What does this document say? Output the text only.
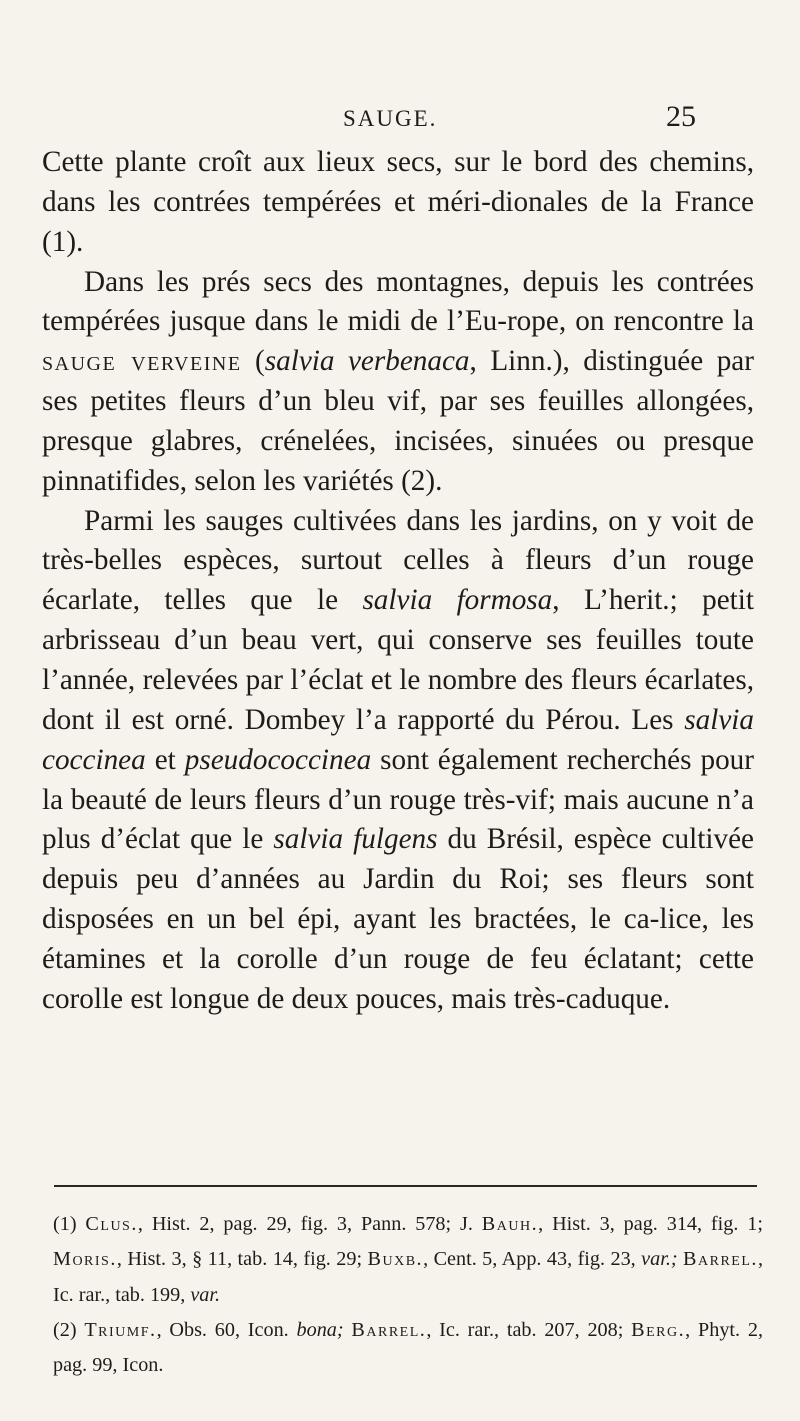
SAUGE.	25

Cette plante croît aux lieux secs, sur le bord des chemins, dans les contrées tempérées et méri-dionales de la France (1).

Dans les prés secs des montagnes, depuis les contrées tempérées jusque dans le midi de l’Eu-rope, on rencontre la sauge verveine (salvia verbenaca, Linn.), distinguée par ses petites fleurs d’un bleu vif, par ses feuilles allongées, presque glabres, crénelées, incisées, sinuées ou presque pinnatifides, selon les variétés (2).

Parmi les sauges cultivées dans les jardins, on y voit de très-belles espèces, surtout celles à fleurs d’un rouge écarlate, telles que le salvia formosa, L’herit.; petit arbrisseau d’un beau vert, qui conserve ses feuilles toute l’année, relevées par l’éclat et le nombre des fleurs écarlates, dont il est orné. Dombey l’a rapporté du Pérou. Les salvia coccinea et pseudococcinea sont également recherchés pour la beauté de leurs fleurs d’un rouge très-vif; mais aucune n’a plus d’éclat que le salvia fulgens du Brésil, espèce cultivée depuis peu d’années au Jardin du Roi; ses fleurs sont disposées en un bel épi, ayant les bractées, le ca-lice, les étamines et la corolle d’un rouge de feu éclatant; cette corolle est longue de deux pouces, mais très-caduque.

(1) Clus., Hist. 2, pag. 29, fig. 3, Pann. 578; J. Bauh., Hist. 3, pag. 314, fig. 1; Moris., Hist. 3, § 11, tab. 14, fig. 29; Buxb., Cent. 5, App. 43, fig. 23, var.; Barrel., Ic. rar., tab. 199, var.

(2) Triumf., Obs. 60, Icon. bona; Barrel., Ic. rar., tab. 207, 208; Berg., Phyt. 2, pag. 99, Icon.
